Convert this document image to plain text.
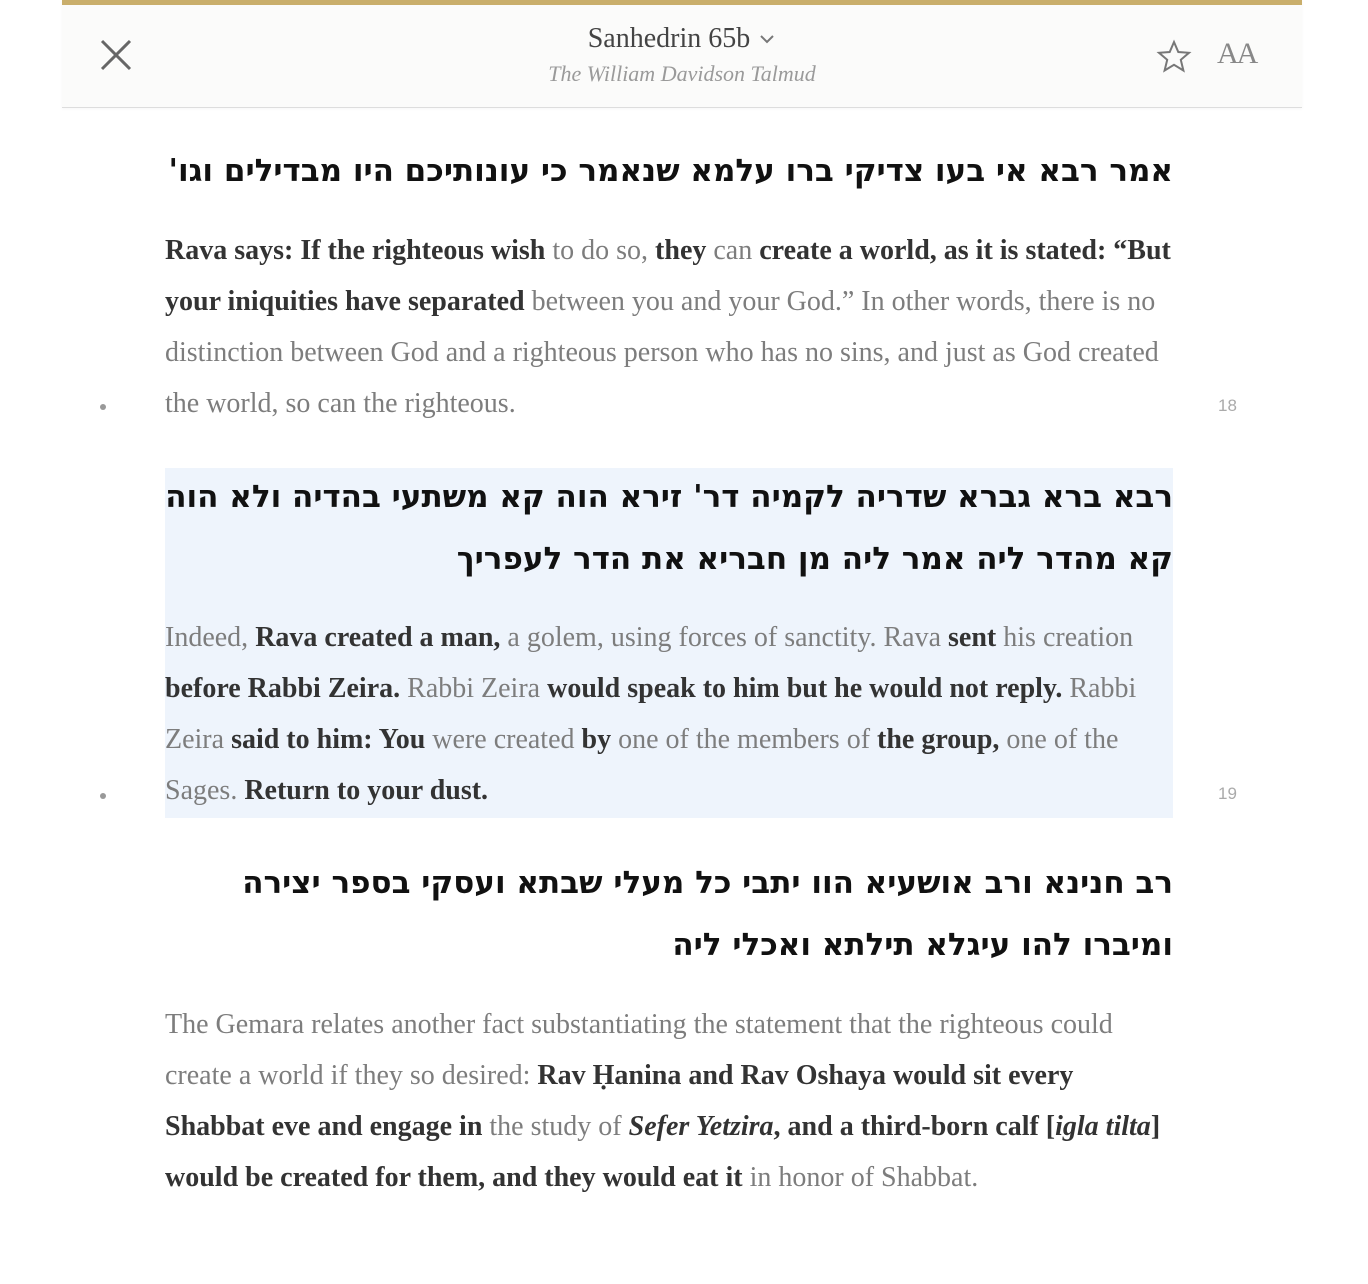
Sanhedrin 65b
The William Davidson Talmud
AA
אמר רבא אי בעו צדיקי ברו עלמא שנאמר כי עונותיכם היו מבדילים וגו'
Rava says: If the righteous wish to do so, they can create a world, as it is stated: “But your iniquities have separated between you and your God.” In other words, there is no distinction between God and a righteous person who has no sins, and just as God created the world, so can the righteous.	18
רבא ברא גברא שדריה לקמיה דר' זירא הוה קא משתעי בהדיה ולא הוה קא מהדר ליה אמר ליה מן חבריא את הדר לעפריך
Indeed, Rava created a man, a golem, using forces of sanctity. Rava sent his creation before Rabbi Zeira. Rabbi Zeira would speak to him but he would not reply. Rabbi Zeira said to him: You were created by one of the members of the group, one of the Sages. Return to your dust.	19
רב חנינא ורב אושעיא הוו יתבי כל מעלי שבתא ועסקי בספר יצירה ומיברו להו עיגלא תילתא ואכלי ליה
The Gemara relates another fact substantiating the statement that the righteous could create a world if they so desired: Rav Ḥanina and Rav Oshaya would sit every Shabbat eve and engage in the study of Sefer Yetzira, and a third-born calf [igla tilta] would be created for them, and they would eat it in honor of Shabbat.
